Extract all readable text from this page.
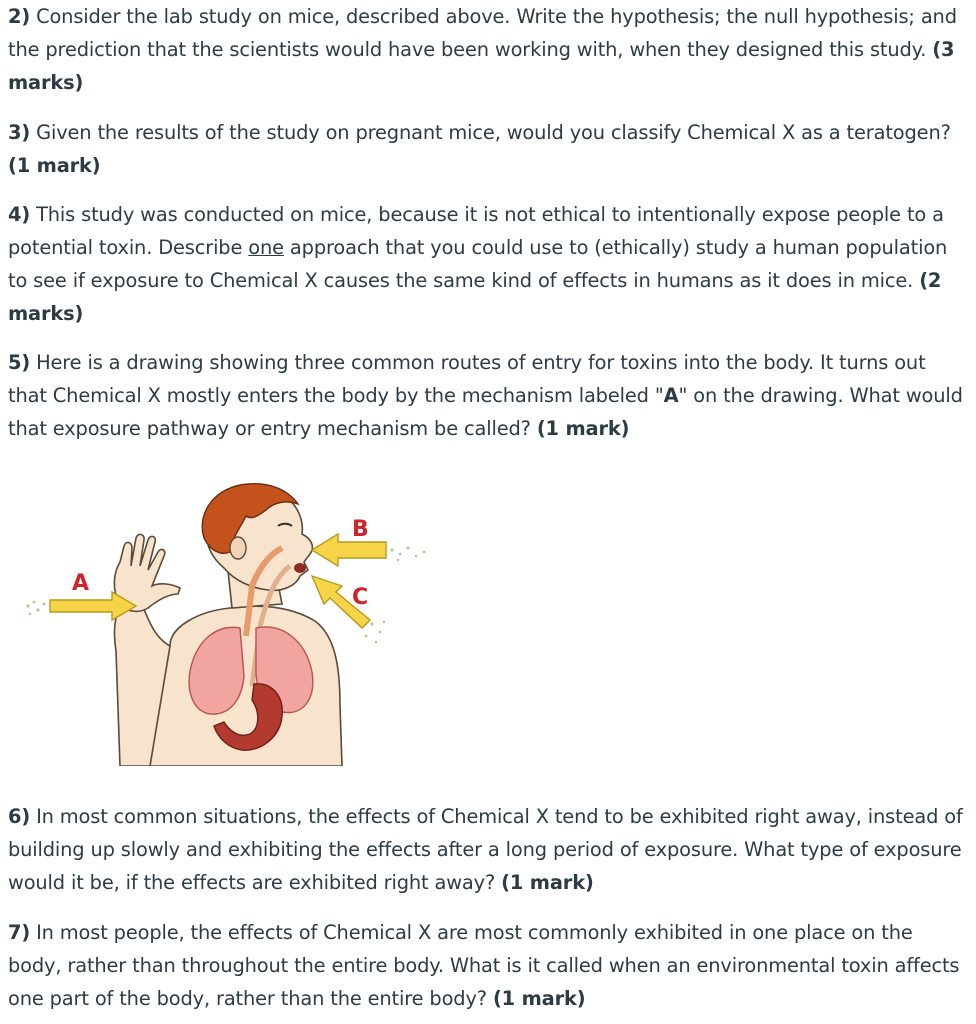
2) Consider the lab study on mice, described above. Write the hypothesis; the null hypothesis; and the prediction that the scientists would have been working with, when they designed this study. (3 marks)

3) Given the results of the study on pregnant mice, would you classify Chemical X as a teratogen? (1 mark)

4) This study was conducted on mice, because it is not ethical to intentionally expose people to a potential toxin. Describe one approach that you could use to (ethically) study a human population to see if exposure to Chemical X causes the same kind of effects in humans as it does in mice. (2 marks)

5) Here is a drawing showing three common routes of entry for toxins into the body. It turns out that Chemical X mostly enters the body by the mechanism labeled "A" on the drawing. What would that exposure pathway or entry mechanism be called? (1 mark)

A
B
C

6) In most common situations, the effects of Chemical X tend to be exhibited right away, instead of building up slowly and exhibiting the effects after a long period of exposure. What type of exposure would it be, if the effects are exhibited right away? (1 mark)

7) In most people, the effects of Chemical X are most commonly exhibited in one place on the body, rather than throughout the entire body. What is it called when an environmental toxin affects one part of the body, rather than the entire body? (1 mark)
